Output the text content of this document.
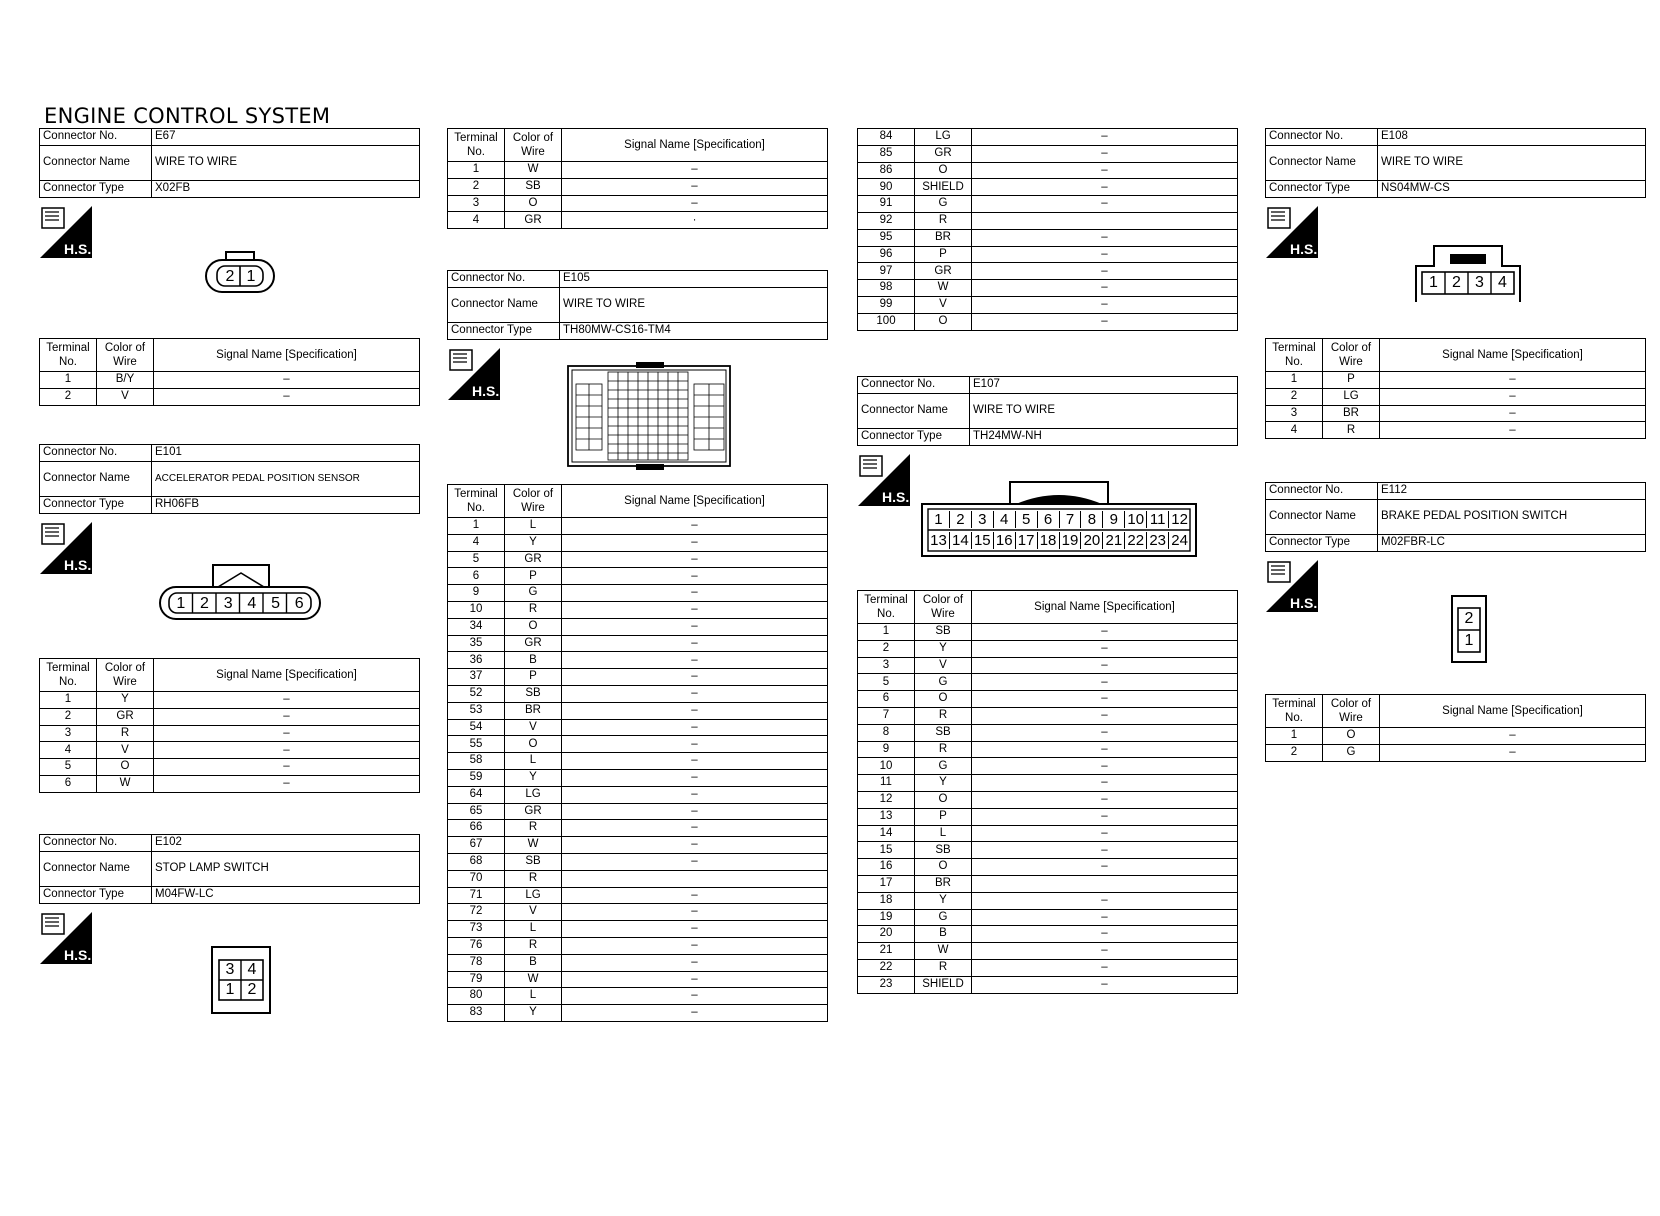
ENGINE CONTROL SYSTEM
Connector No.	E67
Connector Name	WIRE TO WIRE
Connector Type	X02FB
H.S.
2 1
Terminal No.	Color of Wire	Signal Name [Specification]
1	B/Y	–
2	V	–
Connector No.	E101
Connector Name	ACCELERATOR PEDAL POSITION SENSOR
Connector Type	RH06FB
H.S.
1 2 3 4 5 6
Terminal No.	Color of Wire	Signal Name [Specification]
1	Y	–
2	GR	–
3	R	–
4	V	–
5	O	–
6	W	–
Connector No.	E102
Connector Name	STOP LAMP SWITCH
Connector Type	M04FW-LC
H.S.
3 4
1 2
Terminal No.	Color of Wire	Signal Name [Specification]
1	W	–
2	SB	–
3	O	–
4	GR	·
Connector No.	E105
Connector Name	WIRE TO WIRE
Connector Type	TH80MW-CS16-TM4
H.S.
Terminal No.	Color of Wire	Signal Name [Specification]
1	L	–
4	Y	–
5	GR	–
6	P	–
9	G	–
10	R	–
34	O	–
35	GR	–
36	B	–
37	P	–
52	SB	–
53	BR	–
54	V	–
55	O	–
58	L	–
59	Y	–
64	LG	–
65	GR	–
66	R	–
67	W	–
68	SB	–
70	R	
71	LG	–
72	V	–
73	L	–
76	R	–
78	B	–
79	W	–
80	L	–
83	Y	–
84	LG	–
85	GR	–
86	O	–
90	SHIELD	–
91	G	–
92	R	
95	BR	–
96	P	–
97	GR	–
98	W	–
99	V	–
100	O	–
Connector No.	E107
Connector Name	WIRE TO WIRE
Connector Type	TH24MW-NH
H.S.
1 2 3 4 5 6 7 8 9 10 11 12
13 14 15 16 17 18 19 20 21 22 23 24
Terminal No.	Color of Wire	Signal Name [Specification]
1	SB	–
2	Y	–
3	V	–
5	G	–
6	O	–
7	R	–
8	SB	–
9	R	–
10	G	–
11	Y	–
12	O	–
13	P	–
14	L	–
15	SB	–
16	O	–
17	BR	
18	Y	–
19	G	–
20	B	–
21	W	–
22	R	–
23	SHIELD	–
Connector No.	E108
Connector Name	WIRE TO WIRE
Connector Type	NS04MW-CS
H.S.
1 2 3 4
Terminal No.	Color of Wire	Signal Name [Specification]
1	P	–
2	LG	–
3	BR	–
4	R	–
Connector No.	E112
Connector Name	BRAKE PEDAL POSITION SWITCH
Connector Type	M02FBR-LC
H.S.
2
1
Terminal No.	Color of Wire	Signal Name [Specification]
1	O	–
2	G	–
